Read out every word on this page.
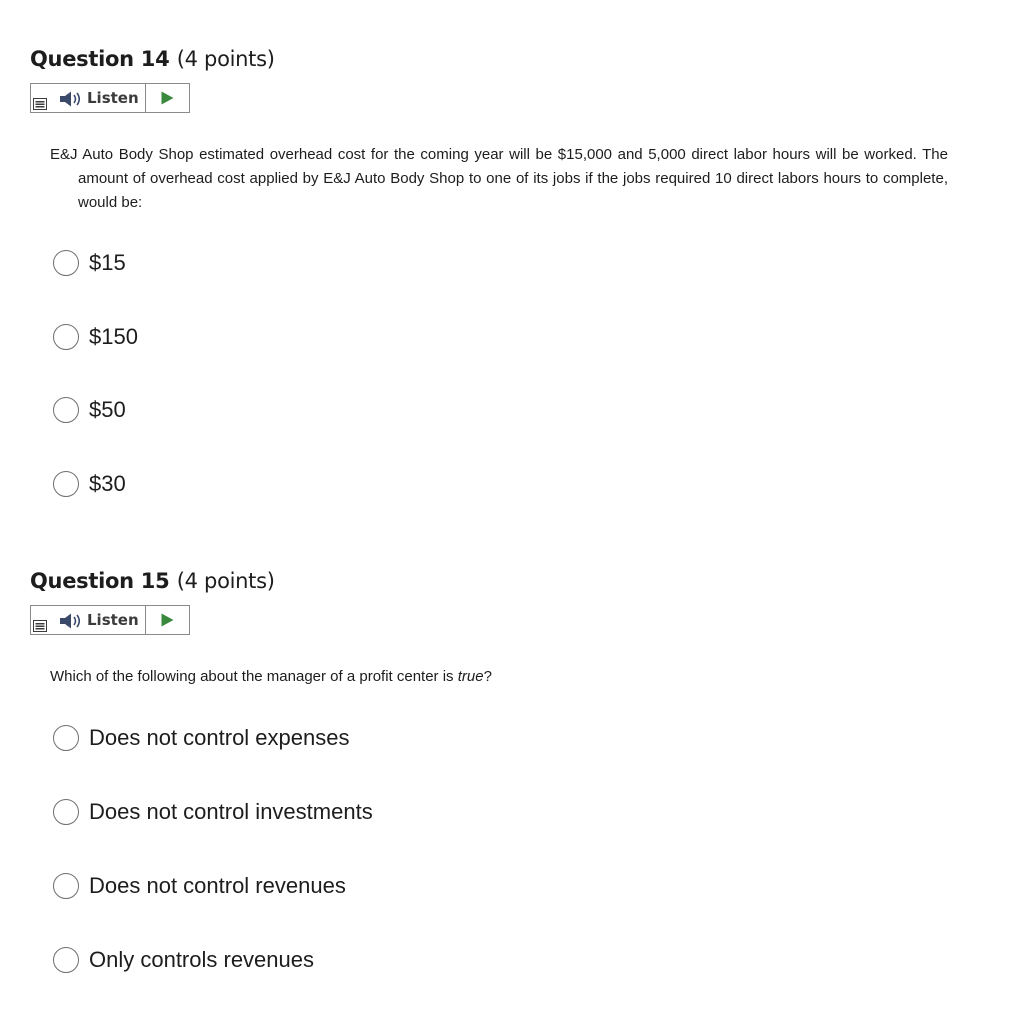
Question 14 (4 points)
Listen

E&J Auto Body Shop estimated overhead cost for the coming year will be $15,000 and 5,000 direct labor hours will be worked. The amount of overhead cost applied by E&J Auto Body Shop to one of its jobs if the jobs required 10 direct labors hours to complete, would be:

$15
$150
$50
$30
Question 15 (4 points)
Listen

Which of the following about the manager of a profit center is true?

Does not control expenses
Does not control investments
Does not control revenues
Only controls revenues
